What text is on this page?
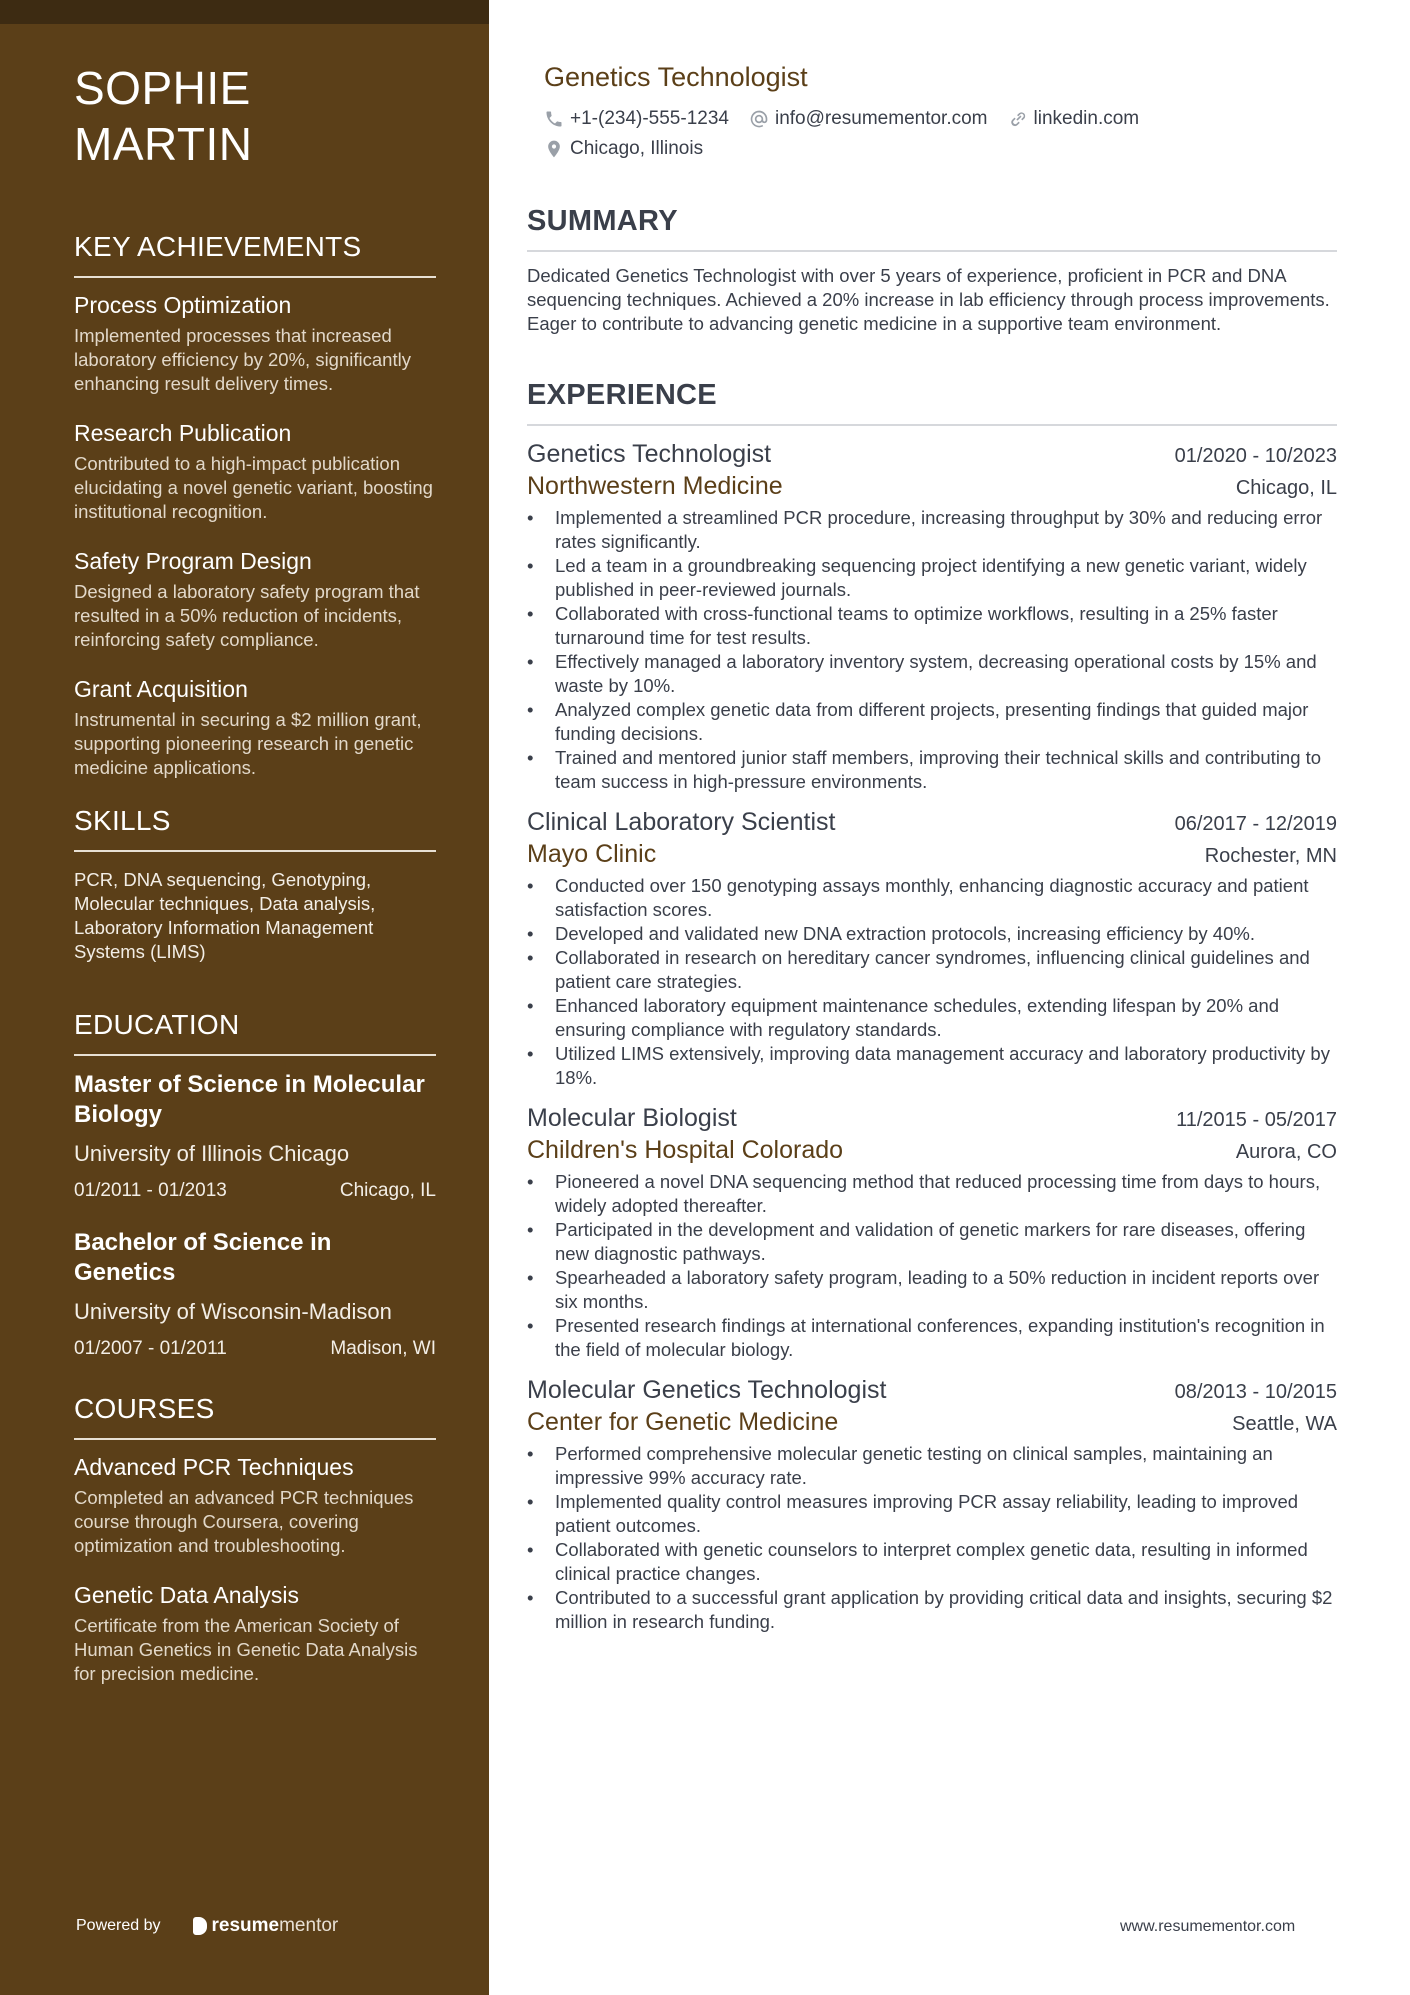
SOPHIE MARTIN
KEY ACHIEVEMENTS
Process Optimization
Implemented processes that increased laboratory efficiency by 20%, significantly enhancing result delivery times.
Research Publication
Contributed to a high-impact publication elucidating a novel genetic variant, boosting institutional recognition.
Safety Program Design
Designed a laboratory safety program that resulted in a 50% reduction of incidents, reinforcing safety compliance.
Grant Acquisition
Instrumental in securing a $2 million grant, supporting pioneering research in genetic medicine applications.
SKILLS
PCR, DNA sequencing, Genotyping, Molecular techniques, Data analysis, Laboratory Information Management Systems (LIMS)
EDUCATION
Master of Science in Molecular Biology
University of Illinois Chicago
01/2011 - 01/2013	Chicago, IL
Bachelor of Science in Genetics
University of Wisconsin-Madison
01/2007 - 01/2011	Madison, WI
COURSES
Advanced PCR Techniques
Completed an advanced PCR techniques course through Coursera, covering optimization and troubleshooting.
Genetic Data Analysis
Certificate from the American Society of Human Genetics in Genetic Data Analysis for precision medicine.
Powered by	resume mentor
Genetics Technologist
+1-(234)-555-1234 info@resumementor.com linkedin.com
Chicago, Illinois
SUMMARY

Dedicated Genetics Technologist with over 5 years of experience, proficient in PCR and DNA sequencing techniques. Achieved a 20% increase in lab efficiency through process improvements. Eager to contribute to advancing genetic medicine in a supportive team environment.

EXPERIENCE
Genetics Technologist	01/2020 - 10/2023
Northwestern Medicine	Chicago, IL
• Implemented a streamlined PCR procedure, increasing throughput by 30% and reducing error rates significantly.
• Led a team in a groundbreaking sequencing project identifying a new genetic variant, widely published in peer-reviewed journals.
• Collaborated with cross-functional teams to optimize workflows, resulting in a 25% faster turnaround time for test results.
• Effectively managed a laboratory inventory system, decreasing operational costs by 15% and waste by 10%.
• Analyzed complex genetic data from different projects, presenting findings that guided major funding decisions.
• Trained and mentored junior staff members, improving their technical skills and contributing to team success in high-pressure environments.
Clinical Laboratory Scientist	06/2017 - 12/2019
Mayo Clinic	Rochester, MN
• Conducted over 150 genotyping assays monthly, enhancing diagnostic accuracy and patient satisfaction scores.
• Developed and validated new DNA extraction protocols, increasing efficiency by 40%.
• Collaborated in research on hereditary cancer syndromes, influencing clinical guidelines and patient care strategies.
• Enhanced laboratory equipment maintenance schedules, extending lifespan by 20% and ensuring compliance with regulatory standards.
• Utilized LIMS extensively, improving data management accuracy and laboratory productivity by 18%.
Molecular Biologist	11/2015 - 05/2017
Children's Hospital Colorado	Aurora, CO
• Pioneered a novel DNA sequencing method that reduced processing time from days to hours, widely adopted thereafter.
• Participated in the development and validation of genetic markers for rare diseases, offering new diagnostic pathways.
• Spearheaded a laboratory safety program, leading to a 50% reduction in incident reports over six months.
• Presented research findings at international conferences, expanding institution's recognition in the field of molecular biology.
Molecular Genetics Technologist	08/2013 - 10/2015
Center for Genetic Medicine	Seattle, WA
• Performed comprehensive molecular genetic testing on clinical samples, maintaining an impressive 99% accuracy rate.
• Implemented quality control measures improving PCR assay reliability, leading to improved patient outcomes.
• Collaborated with genetic counselors to interpret complex genetic data, resulting in informed clinical practice changes.
• Contributed to a successful grant application by providing critical data and insights, securing $2 million in research funding.
www.resumementor.com
